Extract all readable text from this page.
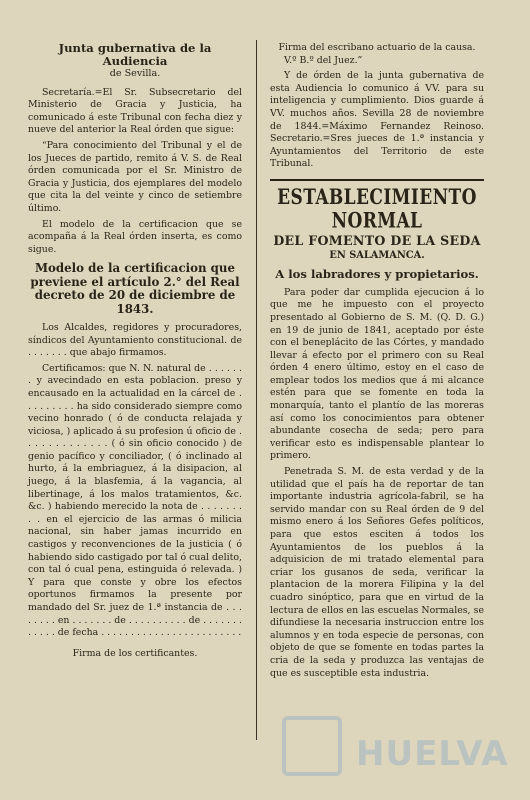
Junta gubernativa de la Audiencia
de Sevilla.

Secretaría.=El Sr. Subsecretario del Ministerio de Gracia y Justicia, ha comunicado á este Tribunal con fecha diez y nueve del anterior la Real órden que sigue:

“Para conocimiento del Tribunal y el de los Jueces de partido, remito á V. S. de Real órden comunicada por el Sr. Ministro de Gracia y Justicia, dos ejemplares del modelo que cita la del veinte y cinco de setiembre último.

El modelo de la certificacion que se acompaña á la Real órden inserta, es como sigue.

Modelo de la certificacion que previene el artículo 2.° del Real decreto de 20 de diciembre de 1843.

Los Alcaldes, regidores y procuradores, síndicos del Ayuntamiento constitucional. de . . . . . . . que abajo firmamos.

Certificamos: que N. N. natural de . . . . . . . y avecindado en esta poblacion. preso y encausado en la actualidad en la cárcel de . . . . . . . . . ha sido considerado siempre como vecino honrado ( ó de conducta relajada y viciosa, ) aplicado á su profesion ú oficio de . . . . . . . . . . . . . ( ó sin oficio conocido ) de genio pacífico y conciliador, ( ó inclinado al hurto, á la embriaguez, á la disipacion, al juego, á la blasfemia, á la vagancia, al libertinage, á los malos tratamientos, &c. &c. ) habiendo merecido la nota de . . . . . . . . . en el ejercicio de las armas ó milicia nacional, sin haber jamas incurrido en castigos y reconvenciones de la justicia ( ó habiendo sido castigado por tal ó cual delito, con tal ó cual pena, estinguida ó relevada. ) Y para que conste y obre los efectos oportunos firmamos la presente por mandado del Sr. juez de 1.ª instancia de . . . . . . . . en . . . . . . . de . . . . . . . . . . de . . . . . . . . . . . . de fecha . . . . . . . . . . . . . . . . . . . . . . . .

Firma de los certificantes.
Firma del escribano actuario de la causa.

V.º B.º del Juez.”

Y de órden de la junta gubernativa de esta Audiencia lo comunico á VV. para su inteligencia y cumplimiento. Dios guarde á VV. muchos años. Sevilla 28 de noviembre de 1844.=Máximo Fernandez Reinoso. Secretario.=Sres jueces de 1.ª instancia y Ayuntamientos del Territorio de este Tribunal.

ESTABLECIMIENTO NORMAL
DEL FOMENTO DE LA SEDA
EN SALAMANCA.
A los labradores y propietarios.

Para poder dar cumplida ejecucion á lo que me he impuesto con el proyecto presentado al Gobierno de S. M. (Q. D. G.) en 19 de junio de 1841, aceptado por éste con el beneplácito de las Córtes, y mandado llevar á efecto por el primero con su Real órden 4 enero último, estoy en el caso de emplear todos los medios que á mi alcance estén para que se fomente en toda la monarquía, tanto el plantío de las moreras así como los conocimientos para obtener abundante cosecha de seda; pero para verificar esto es indispensable plantear lo primero.

Penetrada S. M. de esta verdad y de la utilidad que el país ha de reportar de tan importante industria agrícola-fabril, se ha servido mandar con su Real órden de 9 del mismo enero á los Señores Gefes políticos, para que estos esciten á todos los Ayuntamientos de los pueblos á la adquisicion de mi tratado elemental para criar los gusanos de seda, verificar la plantacion de la morera Filipina y la del cuadro sinóptico, para que en virtud de la lectura de ellos en las escuelas Normales, se difundiese la necesaria instruccion entre los alumnos y en toda especie de personas, con objeto de que se fomente en todas partes la cria de la seda y produzca las ventajas de que es susceptible esta industria.

HUELVA
